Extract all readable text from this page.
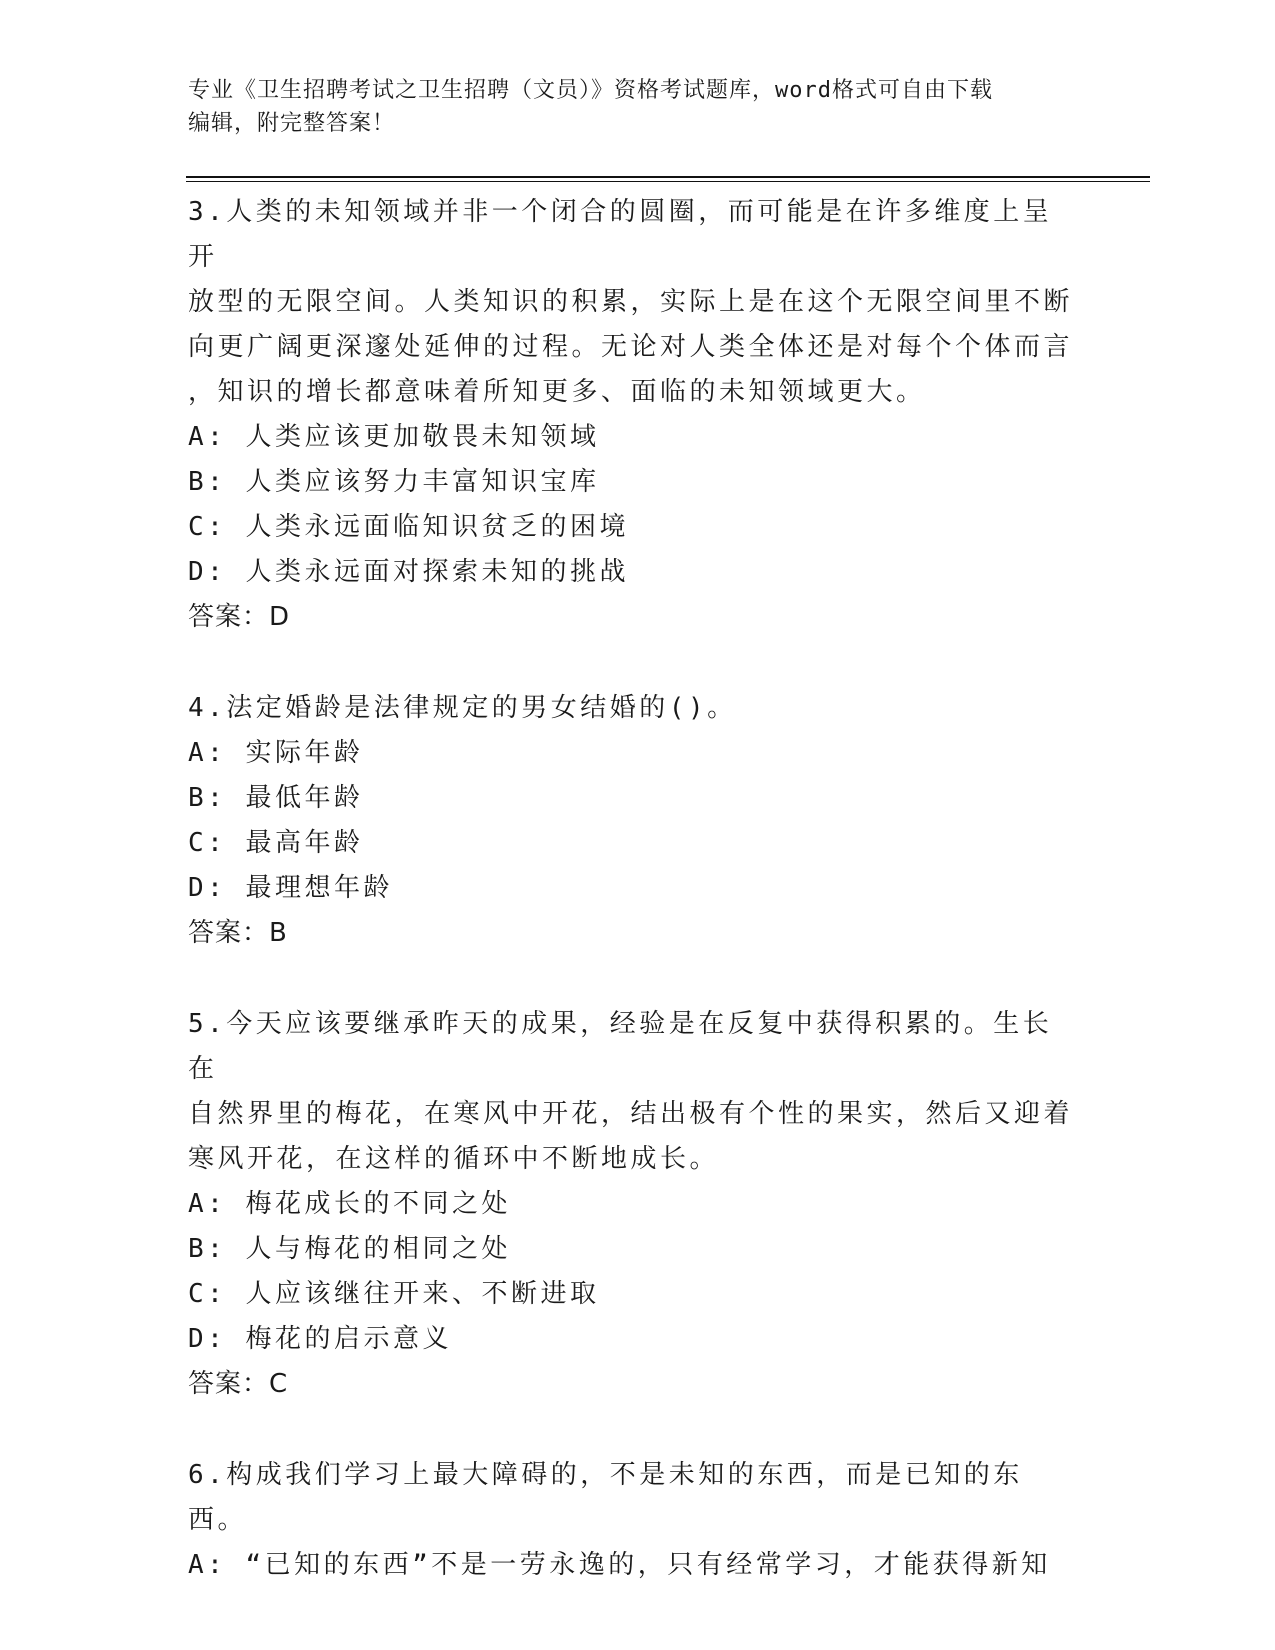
专业《卫生招聘考试之卫生招聘（文员）》资格考试题库，word格式可自由下载
编辑，附完整答案！
3.人类的未知领域并非一个闭合的圆圈，而可能是在许多维度上呈开
放型的无限空间。人类知识的积累，实际上是在这个无限空间里不断
向更广阔更深邃处延伸的过程。无论对人类全体还是对每个个体而言
，知识的增长都意味着所知更多、面临的未知领域更大。
A: 人类应该更加敬畏未知领域
B: 人类应该努力丰富知识宝库
C: 人类永远面临知识贫乏的困境
D: 人类永远面对探索未知的挑战
答案：D
4.法定婚龄是法律规定的男女结婚的()。
A: 实际年龄
B: 最低年龄
C: 最高年龄
D: 最理想年龄
答案：B
5.今天应该要继承昨天的成果，经验是在反复中获得积累的。生长在
自然界里的梅花，在寒风中开花，结出极有个性的果实，然后又迎着
寒风开花，在这样的循环中不断地成长。
A: 梅花成长的不同之处
B: 人与梅花的相同之处
C: 人应该继往开来、不断进取
D: 梅花的启示意义
答案：C
6.构成我们学习上最大障碍的，不是未知的东西，而是已知的东西。
A: “已知的东西”不是一劳永逸的，只有经常学习，才能获得新知
